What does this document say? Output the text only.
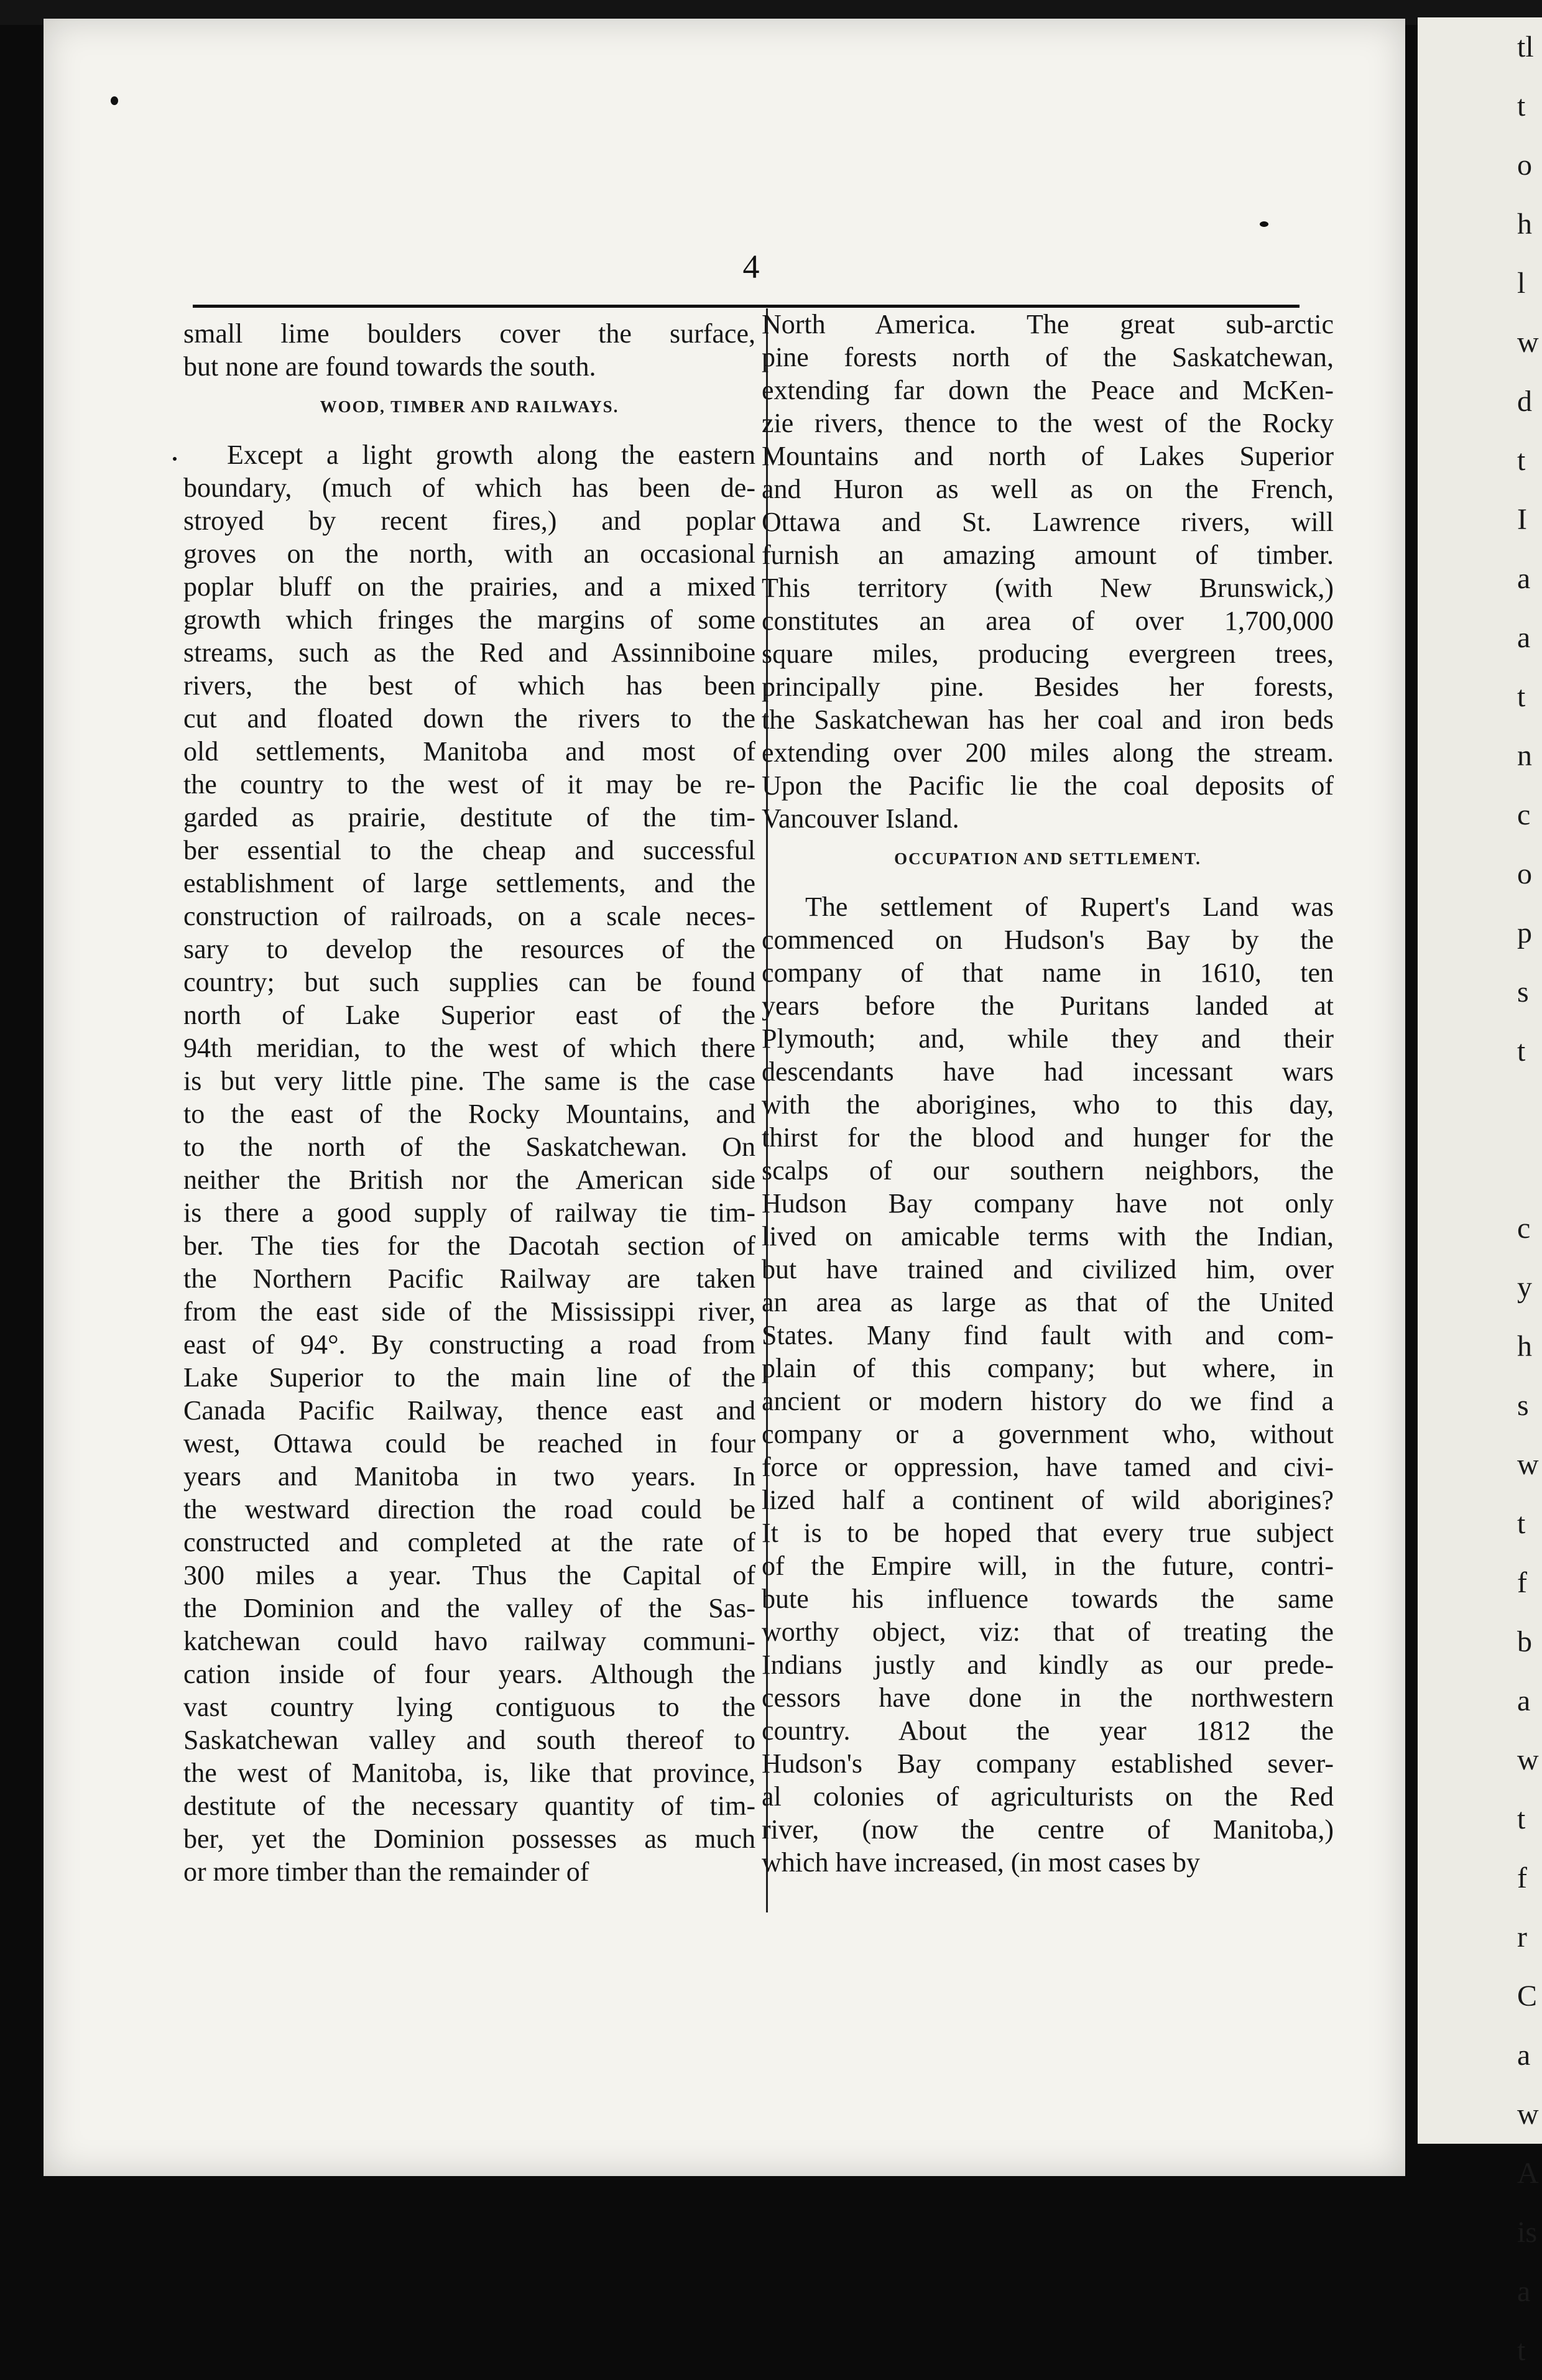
tl
t
o
h
l
w
d
t
I
a
a
t
n
c
o
p
s
t
c
y
h
s
w
t
f
b
a
w
t
f
r
C
a
w
A
is
a
t
4

small lime boulders cover the surface,
but none are found towards the south.

WOOD, TIMBER AND RAILWAYS.

Except a light growth along the eastern
boundary, (much of which has been de-
stroyed by recent fires,) and poplar
groves on the north, with an occasional
poplar bluff on the prairies, and a mixed
growth which fringes the margins of some
streams, such as the Red and Assinniboine
rivers, the best of which has been
cut and floated down the rivers to the
old settlements, Manitoba and most of
the country to the west of it may be re-
garded as prairie, destitute of the tim-
ber essential to the cheap and successful
establishment of large settlements, and the
construction of railroads, on a scale neces-
sary to develop the resources of the
country; but such supplies can be found
north of Lake Superior east of the
94th meridian, to the west of which there
is but very little pine. The same is the case
to the east of the Rocky Mountains, and
to the north of the Saskatchewan. On
neither the British nor the American side
is there a good supply of railway tie tim-
ber. The ties for the Dacotah section of
the Northern Pacific Railway are taken
from the east side of the Mississippi river,
east of 94°. By constructing a road from
Lake Superior to the main line of the
Canada Pacific Railway, thence east and
west, Ottawa could be reached in four
years and Manitoba in two years. In
the westward direction the road could be
constructed and completed at the rate of
300 miles a year. Thus the Capital of
the Dominion and the valley of the Sas-
katchewan could havo railway communi-
cation inside of four years. Although the
vast country lying contiguous to the
Saskatchewan valley and south thereof to
the west of Manitoba, is, like that province,
destitute of the necessary quantity of tim-
ber, yet the Dominion possesses as much
or more timber than the remainder of

North America. The great sub-arctic
pine forests north of the Saskatchewan,
extending far down the Peace and McKen-
zie rivers, thence to the west of the Rocky
Mountains and north of Lakes Superior
and Huron as well as on the French,
Ottawa and St. Lawrence rivers, will
furnish an amazing amount of timber.
This territory (with New Brunswick,)
constitutes an area of over 1,700,000
square miles, producing evergreen trees,
principally pine. Besides her forests,
the Saskatchewan has her coal and iron beds
extending over 200 miles along the stream.
Upon the Pacific lie the coal deposits of
Vancouver Island.

OCCUPATION AND SETTLEMENT.

The settlement of Rupert's Land was
commenced on Hudson's Bay by the
company of that name in 1610, ten
years before the Puritans landed at
Plymouth; and, while they and their
descendants have had incessant wars
with the aborigines, who to this day,
thirst for the blood and hunger for the
scalps of our southern neighbors, the
Hudson Bay company have not only
lived on amicable terms with the Indian,
but have trained and civilized him, over
an area as large as that of the United
States. Many find fault with and com-
plain of this company; but where, in
ancient or modern history do we find a
company or a government who, without
force or oppression, have tamed and civi-
lized half a continent of wild aborigines?
It is to be hoped that every true subject
of the Empire will, in the future, contri-
bute his influence towards the same
worthy object, viz: that of treating the
Indians justly and kindly as our prede-
cessors have done in the northwestern
country. About the year 1812 the
Hudson's Bay company established sever-
al colonies of agriculturists on the Red
river, (now the centre of Manitoba,)
which have increased, (in most cases by
